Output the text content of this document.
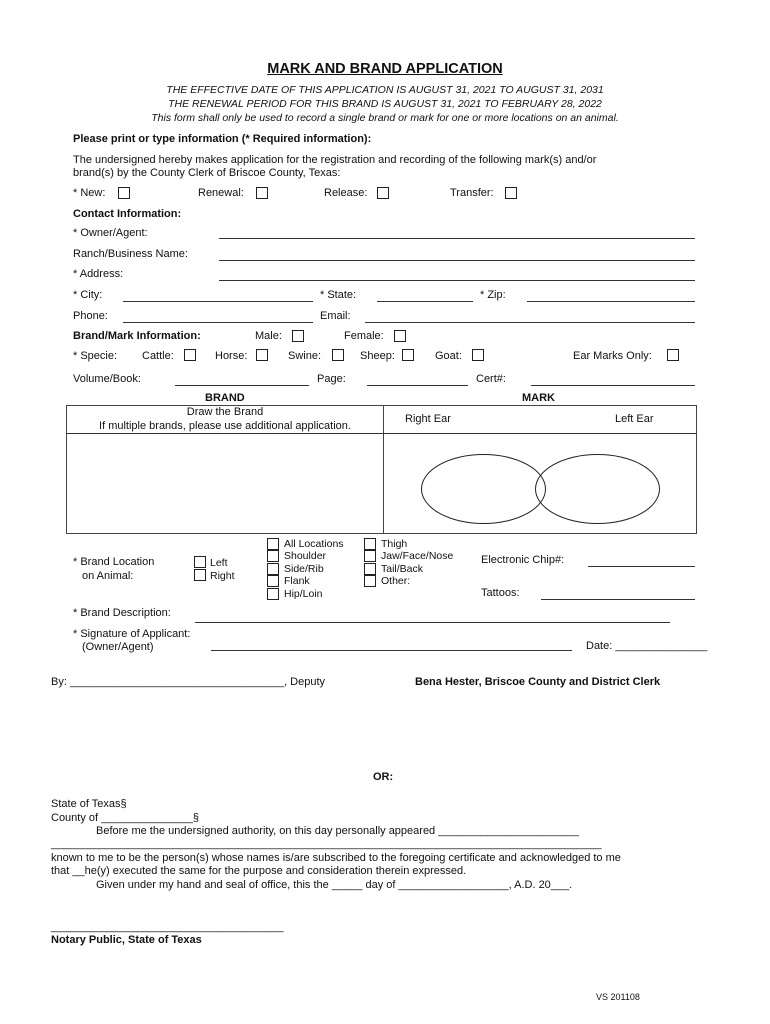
MARK AND BRAND APPLICATION
THE EFFECTIVE DATE OF THIS APPLICATION IS AUGUST 31, 2021 TO AUGUST 31, 2031
THE RENEWAL PERIOD FOR THIS BRAND IS AUGUST 31, 2021 TO FEBRUARY 28, 2022
This form shall only be used to record a single brand or mark for one or more locations on an animal.
Please print or type information (* Required information):
The undersigned hereby makes application for the registration and recording of the following mark(s) and/or
brand(s) by the County Clerk of Briscoe County, Texas:
* New:	Renewal:	Release:	Transfer:
Contact Information:
* Owner/Agent:
Ranch/Business Name:
* Address:
* City:	* State:	* Zip:
Phone:	Email:
Brand/Mark Information:	Male:	Female:
* Specie: Cattle:	Horse:	Swine:	Sheep:	Goat:	Ear Marks Only:
Volume/Book:	Page:	Cert#:
BRAND	MARK
Draw the Brand
If multiple brands, please use additional application.
Right Ear	Left Ear
* Brand Location
on Animal:
Left
Right
All Locations
Shoulder
Side/Rib
Flank
Hip/Loin
Thigh
Jaw/Face/Nose
Tail/Back
Other:
Electronic Chip#:
Tattoos:
* Brand Description:
* Signature of Applicant:
(Owner/Agent)	Date: _______________
By: ___________________________________, Deputy	Bena Hester, Briscoe County and District Clerk
OR:
State of Texas§
County of _______________§
Before me the undersigned authority, on this day personally appeared _______________________
__________________________________________________________________________________________
known to me to be the person(s) whose names is/are subscribed to the foregoing certificate and acknowledged to me
that __he(y) executed the same for the purpose and consideration therein expressed.
Given under my hand and seal of office, this the _____ day of __________________, A.D. 20___.
______________________________________
Notary Public, State of Texas
VS 201108
